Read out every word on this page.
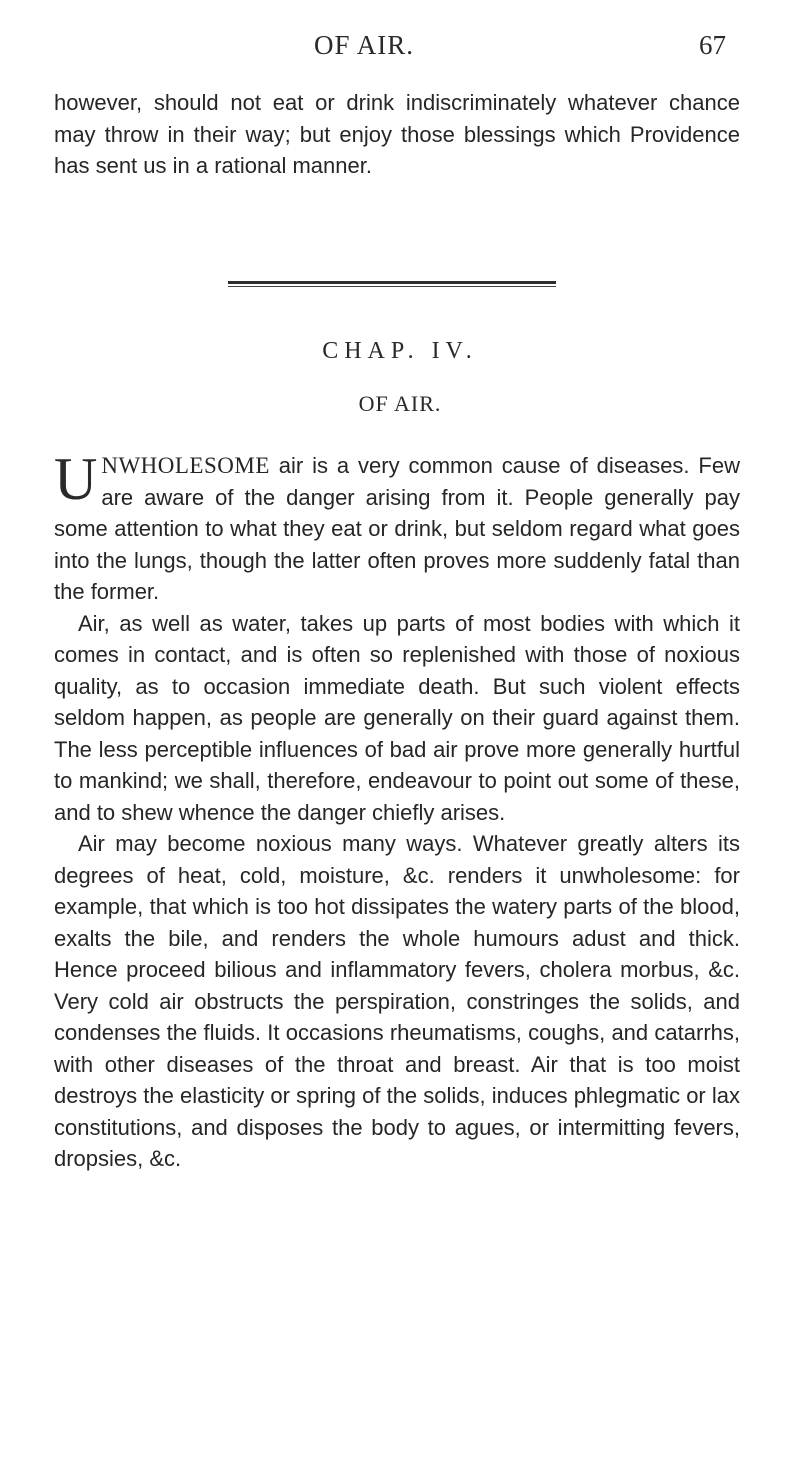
OF AIR.	67
however, should not eat or drink indiscriminately whatever chance may throw in their way; but enjoy those blessings which Providence has sent us in a rational manner.
CHAP. IV.
OF AIR.

UNWHOLESOME air is a very common cause of diseases. Few are aware of the danger arising from it. People generally pay some attention to what they eat or drink, but seldom regard what goes into the lungs, though the latter often proves more suddenly fatal than the former.

Air, as well as water, takes up parts of most bodies with which it comes in contact, and is often so replenished with those of noxious quality, as to occasion immediate death. But such violent effects seldom happen, as people are generally on their guard against them. The less perceptible influences of bad air prove more generally hurtful to mankind; we shall, therefore, endeavour to point out some of these, and to shew whence the danger chiefly arises.

Air may become noxious many ways. Whatever greatly alters its degrees of heat, cold, moisture, &c. renders it unwholesome: for example, that which is too hot dissipates the watery parts of the blood, exalts the bile, and renders the whole humours adust and thick. Hence proceed bilious and inflammatory fevers, cholera morbus, &c. Very cold air obstructs the perspiration, constringes the solids, and condenses the fluids. It occasions rheumatisms, coughs, and catarrhs, with other diseases of the throat and breast. Air that is too moist destroys the elasticity or spring of the solids, induces phlegmatic or lax constitutions, and disposes the body to agues, or intermitting fevers, dropsies, &c.
